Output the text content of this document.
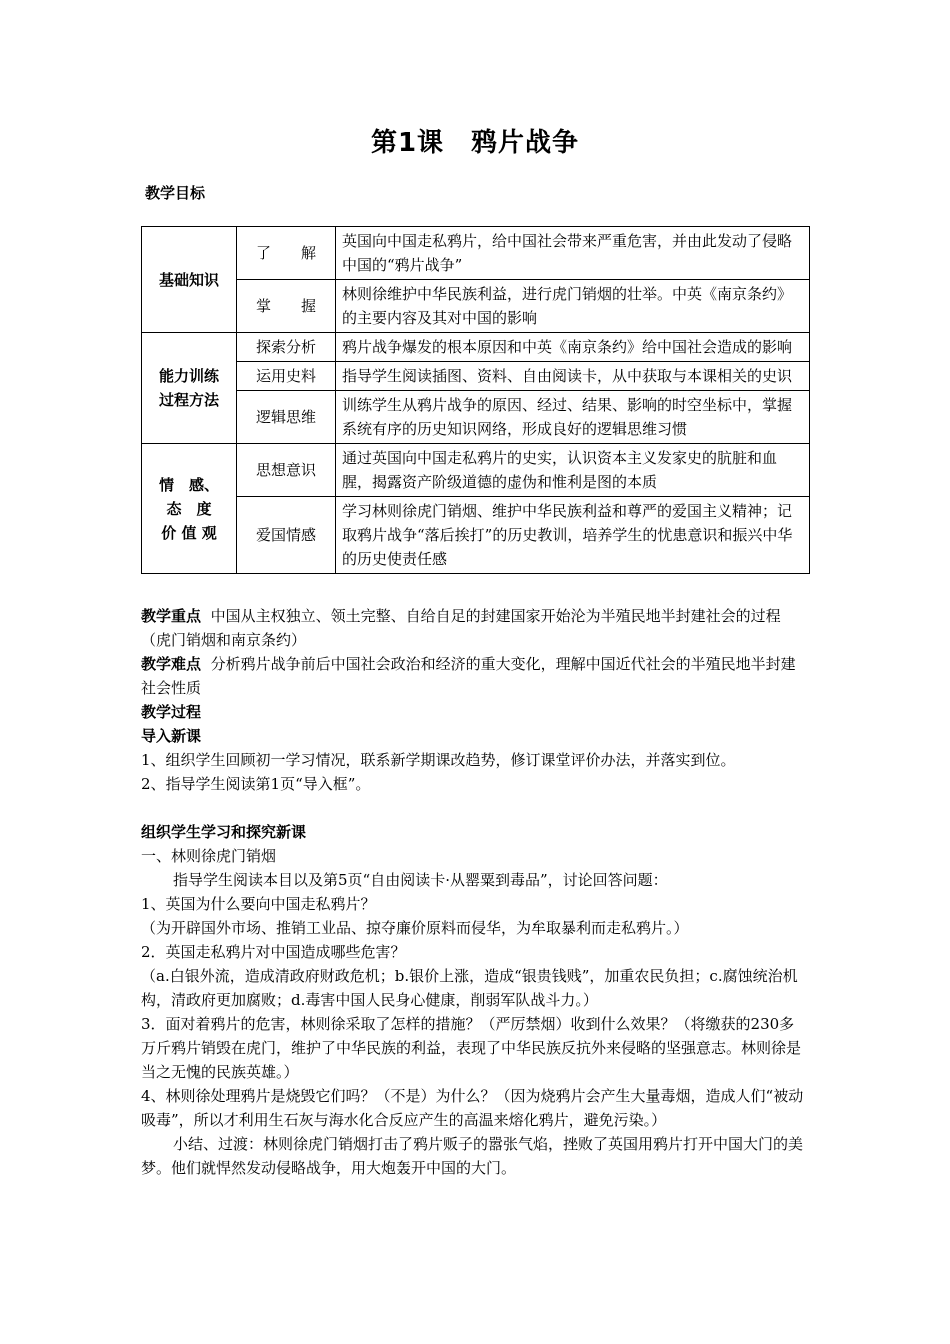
第1课　鸦片战争
教学目标
基础知识	了　　解	英国向中国走私鸦片，给中国社会带来严重危害，并由此发动了侵略中国的“鸦片战争”
	掌　　握	林则徐维护中华民族利益，进行虎门销烟的壮举。中英《南京条约》的主要内容及其对中国的影响

能力训练
过程方法	探索分析	鸦片战争爆发的根本原因和中英《南京条约》给中国社会造成的影响
	运用史料	指导学生阅读插图、资料、自由阅读卡，从中获取与本课相关的史识
	逻辑思维	训练学生从鸦片战争的原因、经过、结果、影响的时空坐标中，掌握系统有序的历史知识网络，形成良好的逻辑思维习惯

情　感、
态　度
价 值 观	思想意识	通过英国向中国走私鸦片的史实，认识资本主义发家史的肮脏和血腥，揭露资产阶级道德的虚伪和惟利是图的本质
	爱国情感	学习林则徐虎门销烟、维护中华民族利益和尊严的爱国主义精神；记取鸦片战争“落后挨打”的历史教训，培养学生的忧患意识和振兴中华的历史使责任感

教学重点 中国从主权独立、领土完整、自给自足的封建国家开始沦为半殖民地半封建社会的过程（虎门销烟和南京条约）

教学难点 分析鸦片战争前后中国社会政治和经济的重大变化，理解中国近代社会的半殖民地半封建社会性质

教学过程

导入新课

1、组织学生回顾初一学习情况，联系新学期课改趋势，修订课堂评价办法，并落实到位。

2、指导学生阅读第1页“导入框”。

组织学生学习和探究新课

一、林则徐虎门销烟

指导学生阅读本目以及第5页“自由阅读卡·从罂粟到毒品”，讨论回答问题：

1、英国为什么要向中国走私鸦片？

（为开辟国外市场、推销工业品、掠夺廉价原料而侵华，为牟取暴利而走私鸦片。）

2．英国走私鸦片对中国造成哪些危害？

（a.白银外流，造成清政府财政危机；b.银价上涨，造成“银贵钱贱”，加重农民负担；c.腐蚀统治机构，清政府更加腐败；d.毒害中国人民身心健康，削弱军队战斗力。）

3．面对着鸦片的危害，林则徐采取了怎样的措施？（严厉禁烟）收到什么效果？（将缴获的230多万斤鸦片销毁在虎门，维护了中华民族的利益，表现了中华民族反抗外来侵略的坚强意志。林则徐是当之无愧的民族英雄。）

4、林则徐处理鸦片是烧毁它们吗？（不是）为什么？（因为烧鸦片会产生大量毒烟，造成人们“被动吸毒”，所以才利用生石灰与海水化合反应产生的高温来熔化鸦片，避免污染。）

小结、过渡：林则徐虎门销烟打击了鸦片贩子的嚣张气焰，挫败了英国用鸦片打开中国大门的美梦。他们就悍然发动侵略战争，用大炮轰开中国的大门。
